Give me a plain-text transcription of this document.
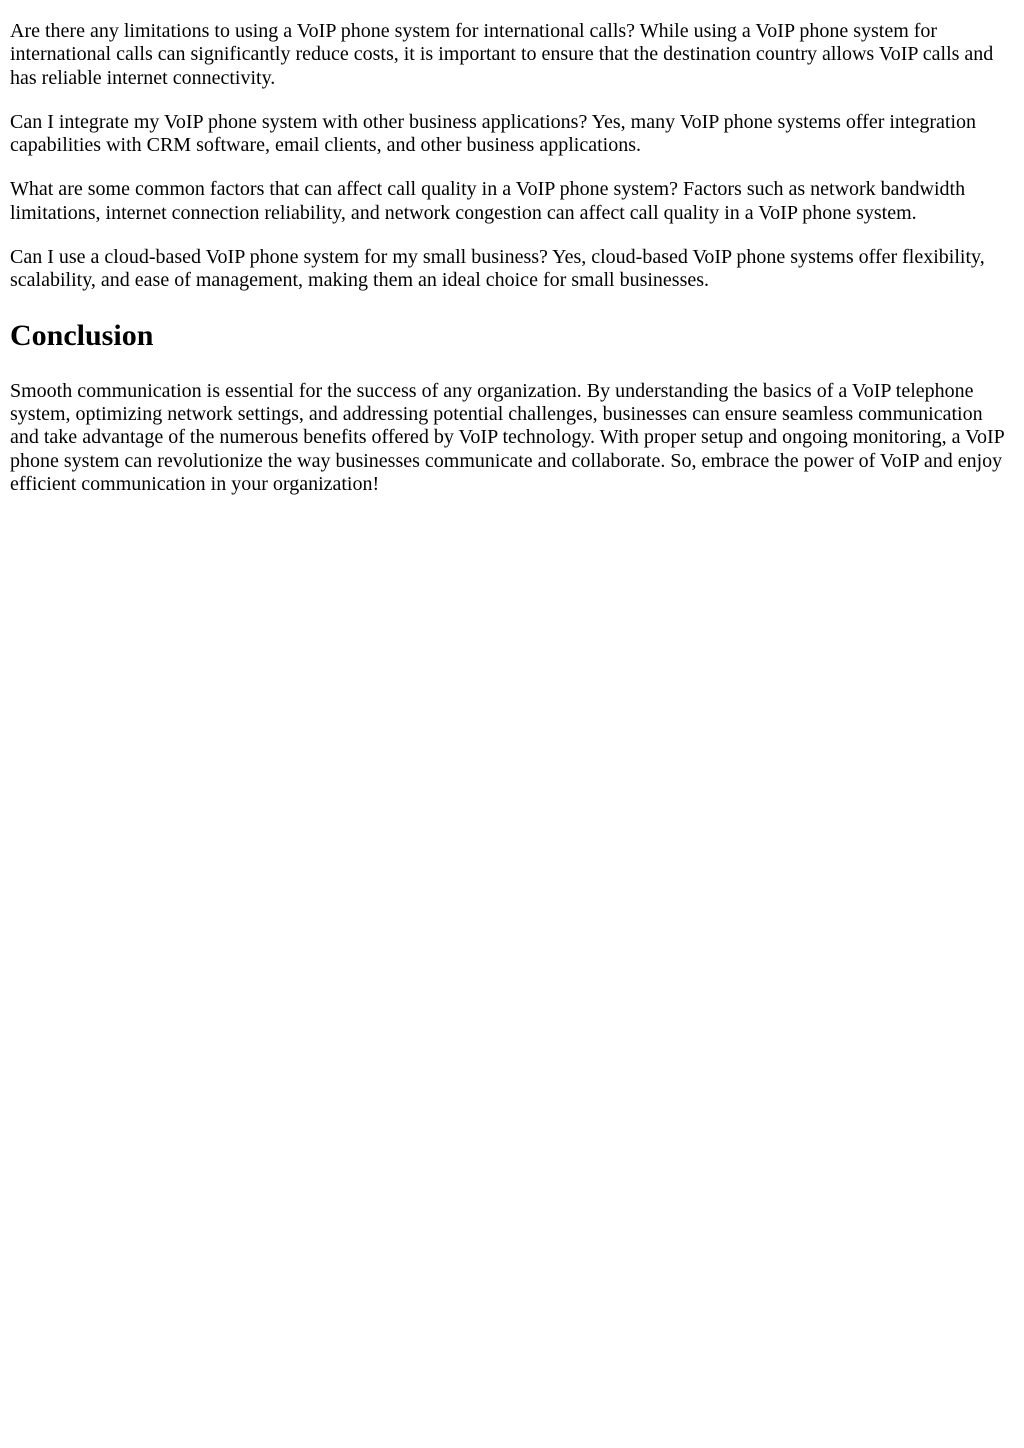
Are there any limitations to using a VoIP phone system for international calls? While using a VoIP phone system for international calls can significantly reduce costs, it is important to ensure that the destination country allows VoIP calls and has reliable internet connectivity.

Can I integrate my VoIP phone system with other business applications? Yes, many VoIP phone systems offer integration capabilities with CRM software, email clients, and other business applications.

What are some common factors that can affect call quality in a VoIP phone system? Factors such as network bandwidth limitations, internet connection reliability, and network congestion can affect call quality in a VoIP phone system.

Can I use a cloud-based VoIP phone system for my small business? Yes, cloud-based VoIP phone systems offer flexibility, scalability, and ease of management, making them an ideal choice for small businesses.

Conclusion

Smooth communication is essential for the success of any organization. By understanding the basics of a VoIP telephone system, optimizing network settings, and addressing potential challenges, businesses can ensure seamless communication and take advantage of the numerous benefits offered by VoIP technology. With proper setup and ongoing monitoring, a VoIP phone system can revolutionize the way businesses communicate and collaborate. So, embrace the power of VoIP and enjoy efficient communication in your organization!
